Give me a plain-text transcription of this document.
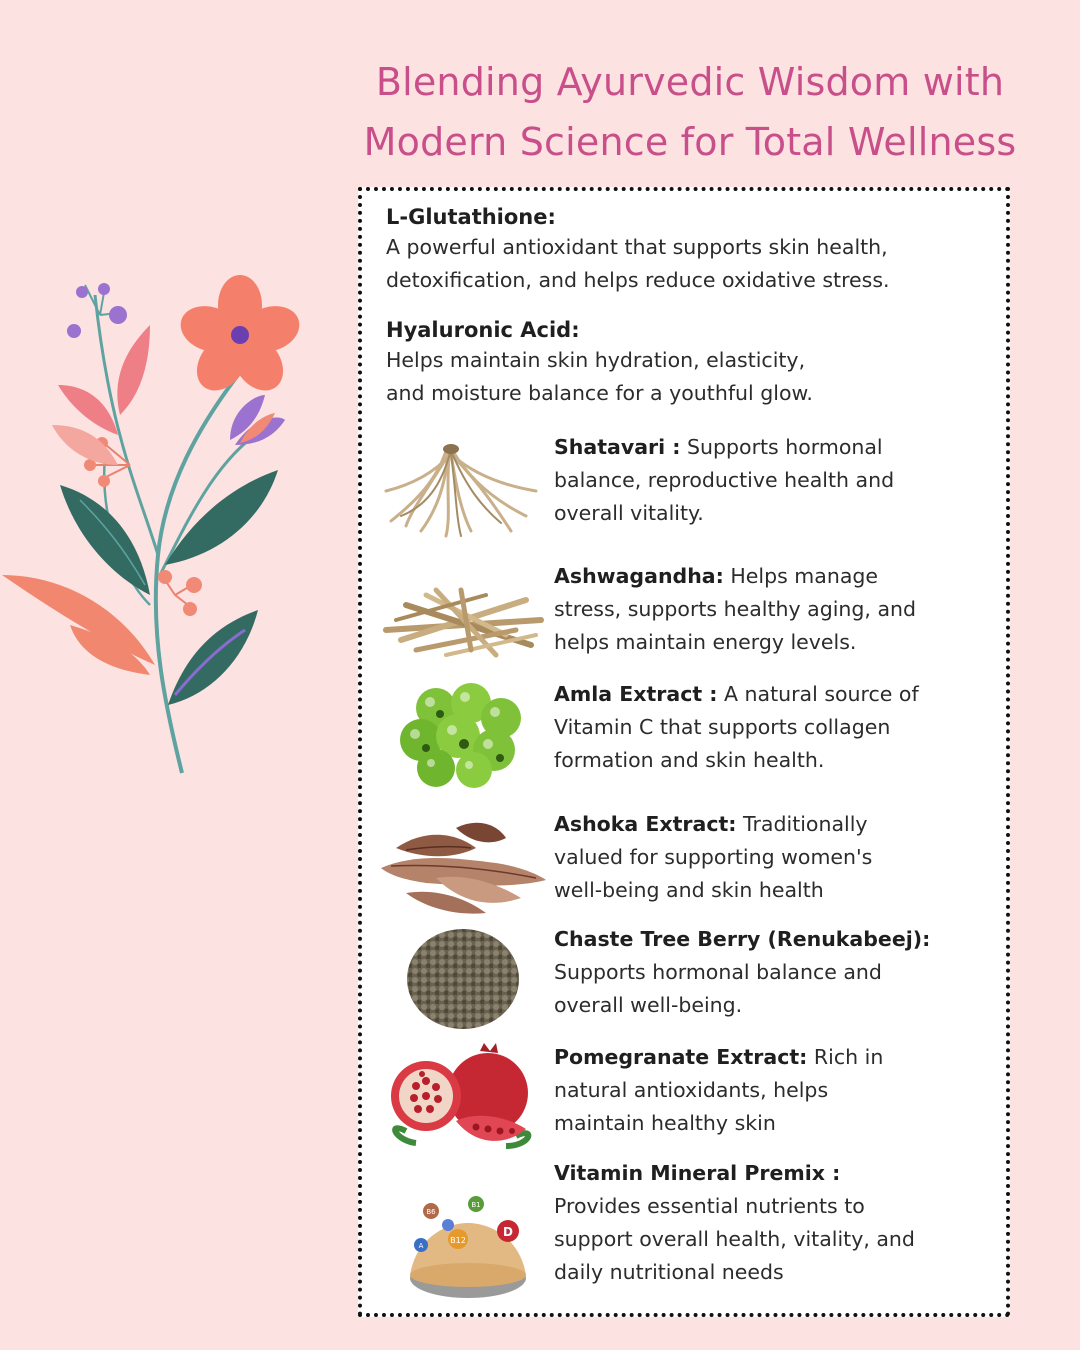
Blending Ayurvedic Wisdom with
Modern Science for Total Wellness
L-Glutathione:
A powerful antioxidant that supports skin health,
detoxification, and helps reduce oxidative stress.
Hyaluronic Acid:
Helps maintain skin hydration, elasticity,
and moisture balance for a youthful glow.
Shatavari : Supports hormonal
balance, reproductive health and
overall vitality.
Ashwagandha: Helps manage
stress, supports healthy aging, and
helps maintain energy levels.
Amla Extract : A natural source of
Vitamin C that supports collagen
formation and skin health.
Ashoka Extract: Traditionally
valued for supporting women's
well-being and skin health
Chaste Tree Berry (Renukabeej):
Supports hormonal balance and
overall well-being.
Pomegranate Extract: Rich in
natural antioxidants, helps
maintain healthy skin
B6
B1
D
A
B12
Vitamin Mineral Premix :
Provides essential nutrients to
support overall health, vitality, and
daily nutritional needs
